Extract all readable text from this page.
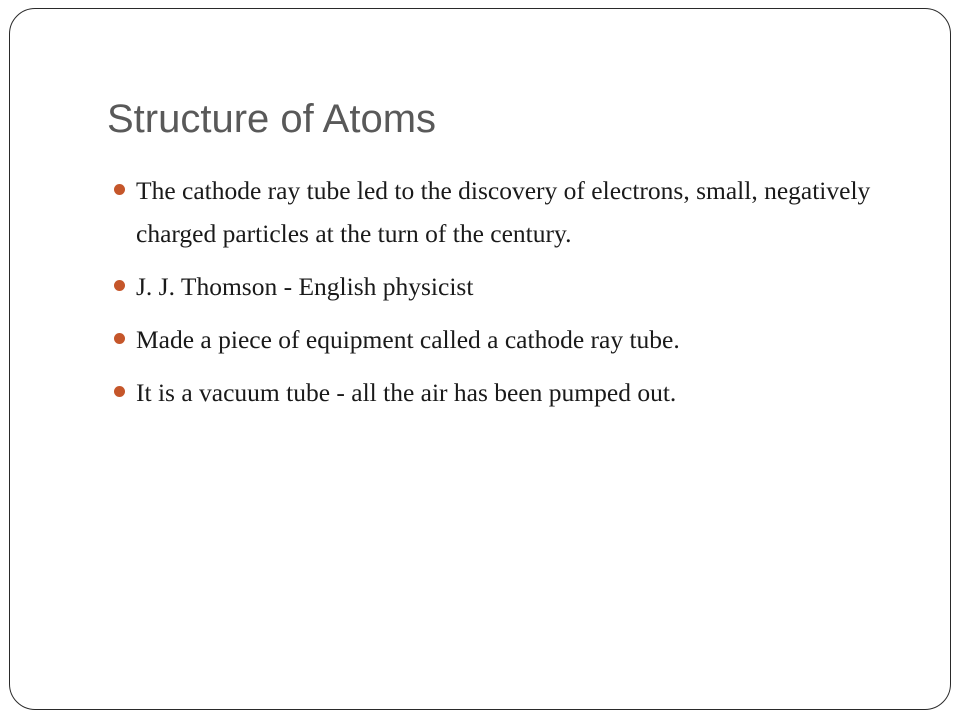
Structure of Atoms
The cathode ray tube led to the discovery of electrons, small, negatively charged particles at the turn of the century.
J. J. Thomson - English physicist
Made a piece of equipment called a cathode ray tube.
It is a vacuum tube - all the air has been pumped out.
